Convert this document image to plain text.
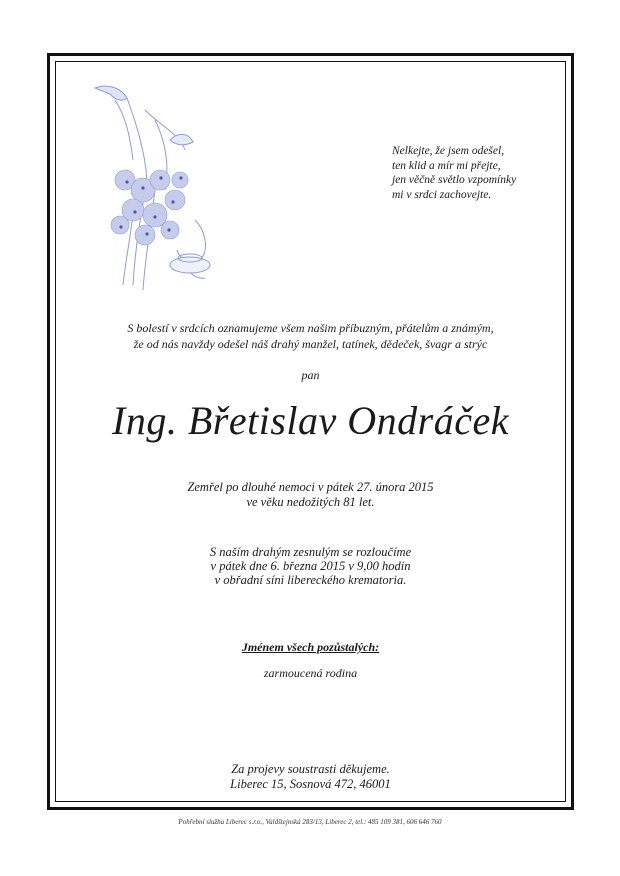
Nelkejte, že jsem odešel,
ten klid a mír mi přejte,
jen věčně světlo vzpomínky
mi v srdci zachovejte.
S bolestí v srdcích oznamujeme všem našim příbuzným, přátelům a známým,
že od nás navždy odešel náš drahý manžel, tatínek, dědeček, švagr a strýc
pan
Ing. Břetislav Ondráček
Zemřel po dlouhé nemoci v pátek 27. února 2015
ve věku nedožitých 81 let.
S naším drahým zesnulým se rozloučíme
v pátek dne 6. března 2015 v 9,00 hodin
v obřadní síni libereckého krematoria.
Jménem všech pozůstalých:
zarmoucená rodina
Za projevy soustrasti děkujeme.
Liberec 15, Sosnová 472, 46001
Pohřební služba Liberec s.r.o., Valdštejnská 283/13, Liberec 2, tel.: 485 109 381, 606 646 760
